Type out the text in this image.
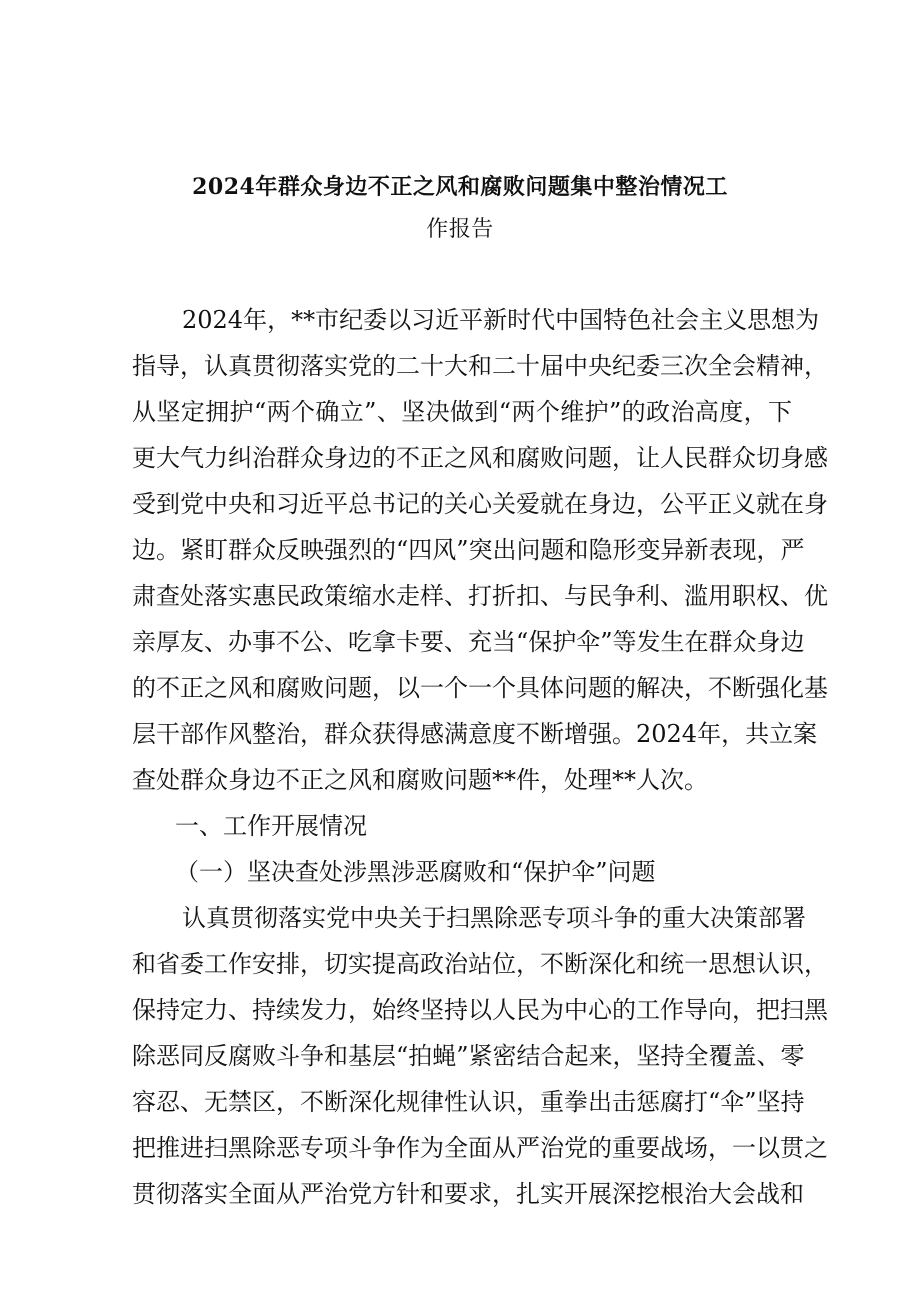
2024年群众身边不正之风和腐败问题集中整治情况工
作报告
2024年，**市纪委以习近平新时代中国特色社会主义思想为
指导，认真贯彻落实党的二十大和二十届中央纪委三次全会精神，
从坚定拥护“两个确立”、坚决做到“两个维护”的政治高度，下
更大气力纠治群众身边的不正之风和腐败问题，让人民群众切身感
受到党中央和习近平总书记的关心关爱就在身边，公平正义就在身
边。紧盯群众反映强烈的“四风”突出问题和隐形变异新表现，严
肃查处落实惠民政策缩水走样、打折扣、与民争利、滥用职权、优
亲厚友、办事不公、吃拿卡要、充当“保护伞”等发生在群众身边
的不正之风和腐败问题，以一个一个具体问题的解决，不断强化基
层干部作风整治，群众获得感满意度不断增强。2024年，共立案
查处群众身边不正之风和腐败问题**件，处理**人次。
一、工作开展情况
（一）坚决查处涉黑涉恶腐败和“保护伞”问题
认真贯彻落实党中央关于扫黑除恶专项斗争的重大决策部署
和省委工作安排，切实提高政治站位，不断深化和统一思想认识，
保持定力、持续发力，始终坚持以人民为中心的工作导向，把扫黑
除恶同反腐败斗争和基层“拍蝇”紧密结合起来，坚持全覆盖、零
容忍、无禁区，不断深化规律性认识，重拳出击惩腐打“伞”坚持
把推进扫黑除恶专项斗争作为全面从严治党的重要战场，一以贯之
贯彻落实全面从严治党方针和要求，扎实开展深挖根治大会战和
